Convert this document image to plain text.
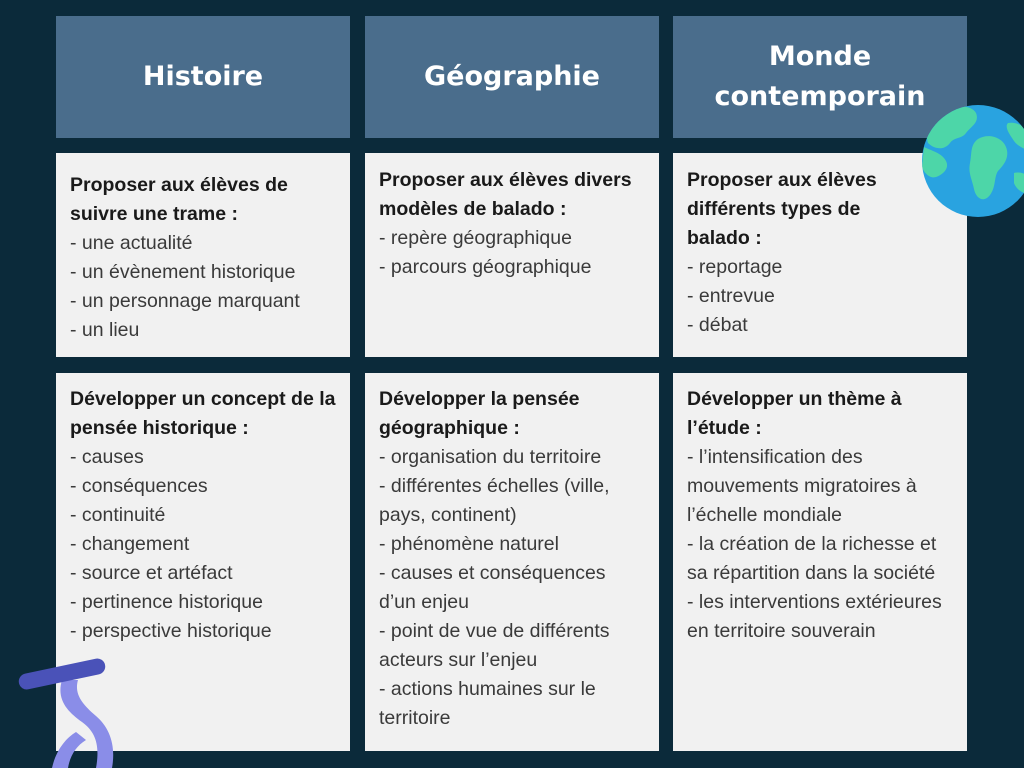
Histoire	Géographie
Monde contemporain
Proposer aux élèves de suivre une trame :
- une actualité
- un évènement historique
- un personnage marquant
- un lieu
Proposer aux élèves divers modèles de balado :
- repère géographique
- parcours géographique
Proposer aux élèves différents types de balado :
- reportage
- entrevue
- débat
Développer un concept de la pensée historique :
- causes
- conséquences
- continuité
- changement
- source et artéfact
- pertinence historique
- perspective historique
Développer la pensée géographique :
- organisation du territoire
- différentes échelles (ville, pays, continent)
- phénomène naturel
- causes et conséquences d’un enjeu
- point de vue de différents acteurs sur l’enjeu
- actions humaines sur le territoire
Développer un thème à l’étude :
- l’intensification des mouvements migratoires à l’échelle mondiale
- la création de la richesse et sa répartition dans la société
- les interventions extérieures en territoire souverain
